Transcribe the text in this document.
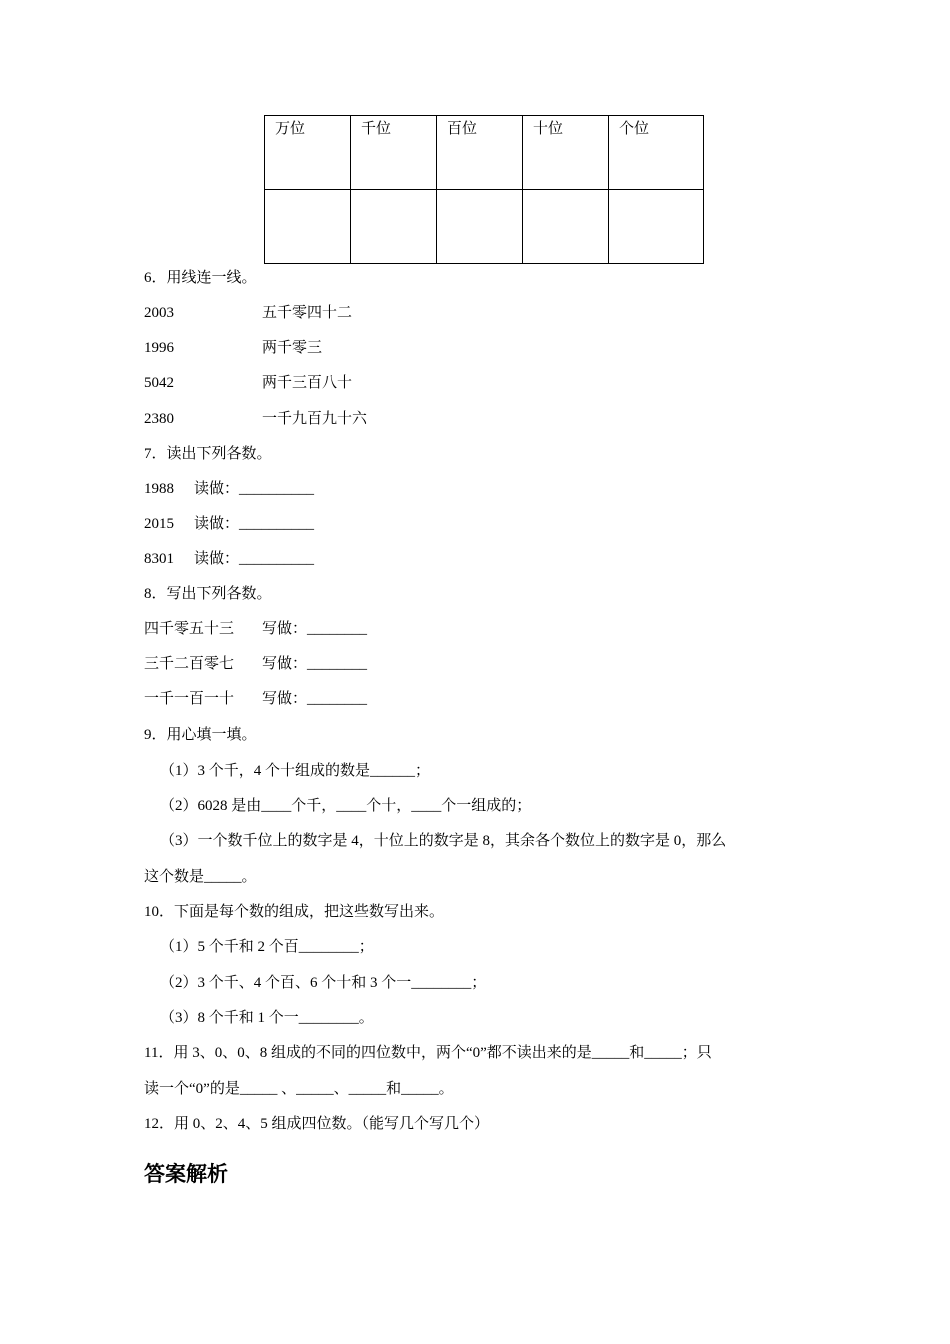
万位	千位	百位	十位	个位

6．用线连一线。
2003	五千零四十二
1996	两千零三
5042	两千三百八十
2380	一千九百九十六
7．读出下列各数。
1988 读做：__________
2015 读做：__________
8301 读做：__________
8．写出下列各数。
四千零五十三 写做：________
三千二百零七 写做：________
一千一百一十 写做：________
9．用心填一填。
（1）3 个千，4 个十组成的数是______；
（2）6028 是由____个千，____个十，____个一组成的；
（3）一个数千位上的数字是 4，十位上的数字是 8，其余各个数位上的数字是 0，那么
这个数是_____。
10．下面是每个数的组成，把这些数写出来。
（1）5 个千和 2 个百________；
（2）3 个千、4 个百、6 个十和 3 个一________；
（3）8 个千和 1 个一________。
11．用 3、0、0、8 组成的不同的四位数中，两个“0”都不读出来的是_____和_____；只
读一个“0”的是_____ 、_____、_____和_____。
12．用 0、2、4、5 组成四位数。（能写几个写几个）
答案解析
